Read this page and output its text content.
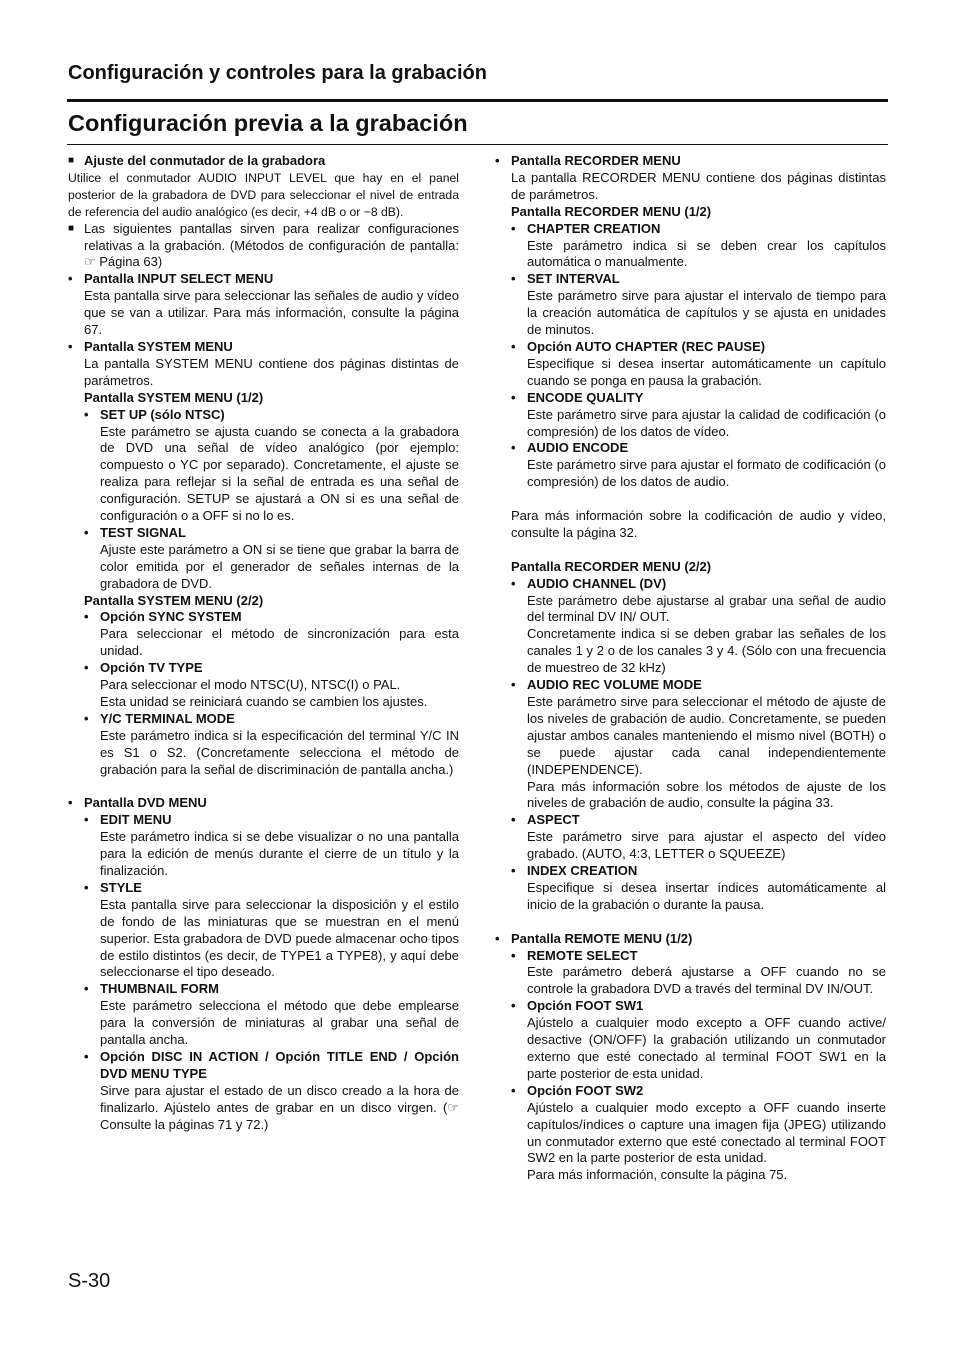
Configuración y controles para la grabación
Configuración previa a la grabación
■ Ajuste del conmutador de la grabadora
Utilice el conmutador AUDIO INPUT LEVEL que hay en el panel posterior de la grabadora de DVD para seleccionar el nivel de entrada de referencia del audio analógico (es decir, +4 dB o or −8 dB).
■ Las siguientes pantallas sirven para realizar configuraciones relativas a la grabación. (Métodos de configuración de pantalla: ☞ Página 63)
• Pantalla INPUT SELECT MENU
Esta pantalla sirve para seleccionar las señales de audio y vídeo que se van a utilizar. Para más información, consulte la página 67.
• Pantalla SYSTEM MENU
La pantalla SYSTEM MENU contiene dos páginas distintas de parámetros.
Pantalla SYSTEM MENU (1/2)
• SET UP (sólo NTSC)
Este parámetro se ajusta cuando se conecta a la grabadora de DVD una señal de vídeo analógico (por ejemplo: compuesto o YC por separado). Concretamente, el ajuste se realiza para reflejar si la señal de entrada es una señal de configuración. SETUP se ajustará a ON si es una señal de configuración o a OFF si no lo es.
• TEST SIGNAL
Ajuste este parámetro a ON si se tiene que grabar la barra de color emitida por el generador de señales internas de la grabadora de DVD.
Pantalla SYSTEM MENU (2/2)
• Opción SYNC SYSTEM
Para seleccionar el método de sincronización para esta unidad.
• Opción TV TYPE
Para seleccionar el modo NTSC(U), NTSC(I) o PAL.
Esta unidad se reiniciará cuando se cambien los ajustes.
• Y/C TERMINAL MODE
Este parámetro indica si la especificación del terminal Y/C IN es S1 o S2. (Concretamente selecciona el método de grabación para la señal de discriminación de pantalla ancha.)
• Pantalla DVD MENU
• EDIT MENU
Este parámetro indica si se debe visualizar o no una pantalla para la edición de menús durante el cierre de un título y la finalización.
• STYLE
Esta pantalla sirve para seleccionar la disposición y el estilo de fondo de las miniaturas que se muestran en el menú superior. Esta grabadora de DVD puede almacenar ocho tipos de estilo distintos (es decir, de TYPE1 a TYPE8), y aquí debe seleccionarse el tipo deseado.
• THUMBNAIL FORM
Este parámetro selecciona el método que debe emplearse para la conversión de miniaturas al grabar una señal de pantalla ancha.
• Opción DISC IN ACTION / Opción TITLE END / Opción DVD MENU TYPE
Sirve para ajustar el estado de un disco creado a la hora de finalizarlo. Ajústelo antes de grabar en un disco virgen. (☞ Consulte la páginas 71 y 72.)
• Pantalla RECORDER MENU
La pantalla RECORDER MENU contiene dos páginas distintas de parámetros.
Pantalla RECORDER MENU (1/2)
• CHAPTER CREATION
Este parámetro indica si se deben crear los capítulos automática o manualmente.
• SET INTERVAL
Este parámetro sirve para ajustar el intervalo de tiempo para la creación automática de capítulos y se ajusta en unidades de minutos.
• Opción AUTO CHAPTER (REC PAUSE)
Especifique si desea insertar automáticamente un capítulo cuando se ponga en pausa la grabación.
• ENCODE QUALITY
Este parámetro sirve para ajustar la calidad de codificación (o compresión) de los datos de vídeo.
• AUDIO ENCODE
Este parámetro sirve para ajustar el formato de codificación (o compresión) de los datos de audio.
Para más información sobre la codificación de audio y vídeo, consulte la página 32.
Pantalla RECORDER MENU (2/2)
• AUDIO CHANNEL (DV)
Este parámetro debe ajustarse al grabar una señal de audio del terminal DV IN/ OUT.
Concretamente indica si se deben grabar las señales de los canales 1 y 2 o de los canales 3 y 4. (Sólo con una frecuencia de muestreo de 32 kHz)
• AUDIO REC VOLUME MODE
Este parámetro sirve para seleccionar el método de ajuste de los niveles de grabación de audio. Concretamente, se pueden ajustar ambos canales manteniendo el mismo nivel (BOTH) o se puede ajustar cada canal independientemente (INDEPENDENCE).
Para más información sobre los métodos de ajuste de los niveles de grabación de audio, consulte la página 33.
• ASPECT
Este parámetro sirve para ajustar el aspecto del vídeo grabado. (AUTO, 4:3, LETTER o SQUEEZE)
• INDEX CREATION
Especifique si desea insertar índices automáticamente al inicio de la grabación o durante la pausa.
• Pantalla REMOTE MENU (1/2)
• REMOTE SELECT
Este parámetro deberá ajustarse a OFF cuando no se controle la grabadora DVD a través del terminal DV IN/OUT.
• Opción FOOT SW1
Ajústelo a cualquier modo excepto a OFF cuando active/ desactive (ON/OFF) la grabación utilizando un conmutador externo que esté conectado al terminal FOOT SW1 en la parte posterior de esta unidad.
• Opción FOOT SW2
Ajústelo a cualquier modo excepto a OFF cuando inserte capítulos/índices o capture una imagen fija (JPEG) utilizando un conmutador externo que esté conectado al terminal FOOT SW2 en la parte posterior de esta unidad.
Para más información, consulte la página 75.
S-30
